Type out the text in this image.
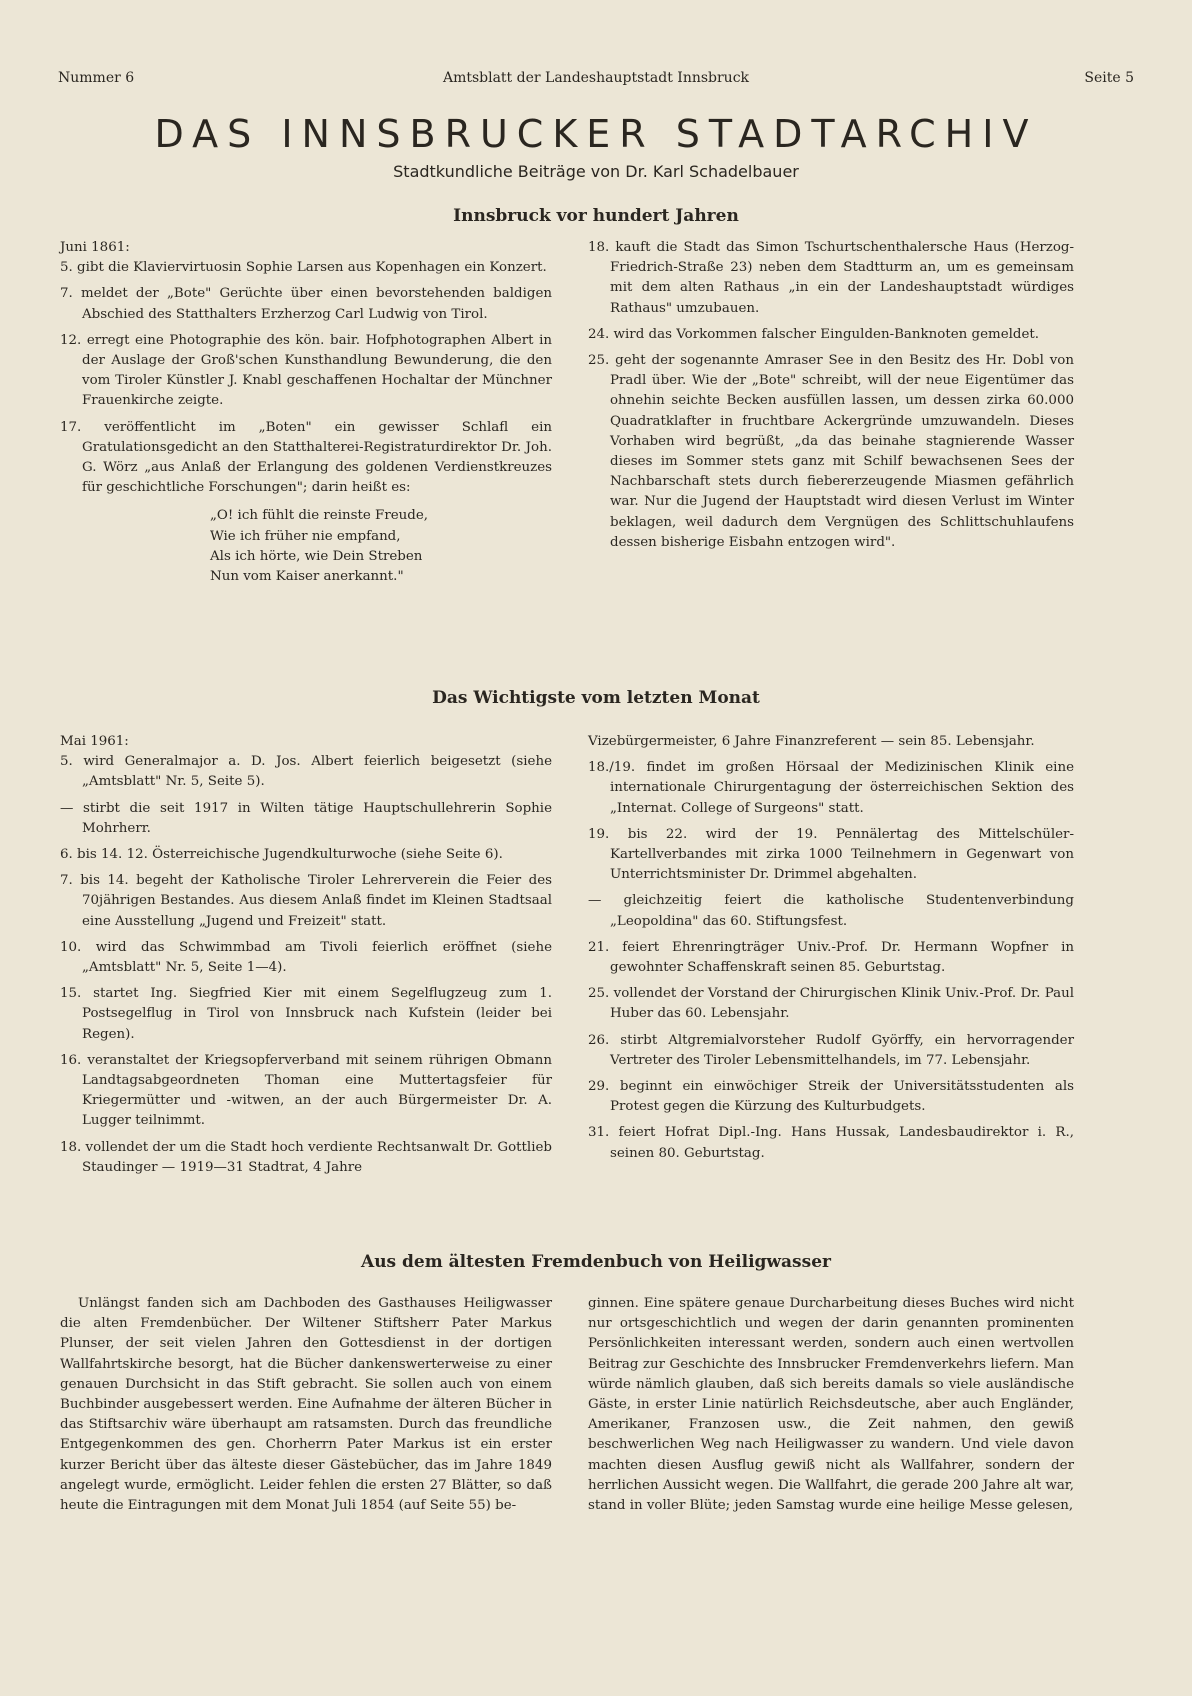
Nummer 6	Amtsblatt der Landeshauptstadt Innsbruck	Seite 5
DAS INNSBRUCKER STADTARCHIV
Stadtkundliche Beiträge von Dr. Karl Schadelbauer
Innsbruck vor hundert Jahren
Juni 1861:
5. gibt die Klaviervirtuosin Sophie Larsen aus Kopenhagen ein Konzert.
7. meldet der „Bote" Gerüchte über einen bevorstehenden baldigen Abschied des Statthalters Erzherzog Carl Ludwig von Tirol.
12. erregt eine Photographie des kön. bair. Hofphotographen Albert in der Auslage der Groß'schen Kunsthandlung Bewunderung, die den vom Tiroler Künstler J. Knabl geschaffenen Hochaltar der Münchner Frauenkirche zeigte.
17. veröffentlicht im „Boten" ein gewisser Schlafl ein Gratulationsgedicht an den Statthalterei-Registraturdirektor Dr. Joh. G. Wörz „aus Anlaß der Erlangung des goldenen Verdienstkreuzes für geschichtliche Forschungen"; darin heißt es:
„O! ich fühlt die reinste Freude,
Wie ich früher nie empfand,
Als ich hörte, wie Dein Streben
Nun vom Kaiser anerkannt."
18. kauft die Stadt das Simon Tschurtschenthalersche Haus (Herzog-Friedrich-Straße 23) neben dem Stadtturm an, um es gemeinsam mit dem alten Rathaus „in ein der Landeshauptstadt würdiges Rathaus" umzubauen.
24. wird das Vorkommen falscher Eingulden-Banknoten gemeldet.
25. geht der sogenannte Amraser See in den Besitz des Hr. Dobl von Pradl über. Wie der „Bote" schreibt, will der neue Eigentümer das ohnehin seichte Becken ausfüllen lassen, um dessen zirka 60.000 Quadratklafter in fruchtbare Ackergründe umzuwandeln. Dieses Vorhaben wird begrüßt, „da das beinahe stagnierende Wasser dieses im Sommer stets ganz mit Schilf bewachsenen Sees der Nachbarschaft stets durch fiebererzeugende Miasmen gefährlich war. Nur die Jugend der Hauptstadt wird diesen Verlust im Winter beklagen, weil dadurch dem Vergnügen des Schlittschuhlaufens dessen bisherige Eisbahn entzogen wird".
Das Wichtigste vom letzten Monat
Mai 1961:
5. wird Generalmajor a. D. Jos. Albert feierlich beigesetzt (siehe „Amtsblatt" Nr. 5, Seite 5).
— stirbt die seit 1917 in Wilten tätige Hauptschullehrerin Sophie Mohrherr.
6. bis 14. 12. Österreichische Jugendkulturwoche (siehe Seite 6).
7. bis 14. begeht der Katholische Tiroler Lehrerverein die Feier des 70jährigen Bestandes. Aus diesem Anlaß findet im Kleinen Stadtsaal eine Ausstellung „Jugend und Freizeit" statt.
10. wird das Schwimmbad am Tivoli feierlich eröffnet (siehe „Amtsblatt" Nr. 5, Seite 1—4).
15. startet Ing. Siegfried Kier mit einem Segelflugzeug zum 1. Postsegelflug in Tirol von Innsbruck nach Kufstein (leider bei Regen).
16. veranstaltet der Kriegsopferverband mit seinem rührigen Obmann Landtagsabgeordneten Thoman eine Muttertagsfeier für Kriegermütter und -witwen, an der auch Bürgermeister Dr. A. Lugger teilnimmt.
18. vollendet der um die Stadt hoch verdiente Rechtsanwalt Dr. Gottlieb Staudinger — 1919—31 Stadtrat, 4 Jahre
Vizebürgermeister, 6 Jahre Finanzreferent — sein 85. Lebensjahr.
18./19. findet im großen Hörsaal der Medizinischen Klinik eine internationale Chirurgentagung der österreichischen Sektion des „Internat. College of Surgeons" statt.
19. bis 22. wird der 19. Pennälertag des Mittelschüler-Kartellverbandes mit zirka 1000 Teilnehmern in Gegenwart von Unterrichtsminister Dr. Drimmel abgehalten.
— gleichzeitig feiert die katholische Studentenverbindung „Leopoldina" das 60. Stiftungsfest.
21. feiert Ehrenringträger Univ.-Prof. Dr. Hermann Wopfner in gewohnter Schaffenskraft seinen 85. Geburtstag.
25. vollendet der Vorstand der Chirurgischen Klinik Univ.-Prof. Dr. Paul Huber das 60. Lebensjahr.
26. stirbt Altgremialvorsteher Rudolf Györffy, ein hervorragender Vertreter des Tiroler Lebensmittelhandels, im 77. Lebensjahr.
29. beginnt ein einwöchiger Streik der Universitätsstudenten als Protest gegen die Kürzung des Kulturbudgets.
31. feiert Hofrat Dipl.-Ing. Hans Hussak, Landesbaudirektor i. R., seinen 80. Geburtstag.
Aus dem ältesten Fremdenbuch von Heiligwasser

Unlängst fanden sich am Dachboden des Gasthauses Heiligwasser die alten Fremdenbücher. Der Wiltener Stiftsherr Pater Markus Plunser, der seit vielen Jahren den Gottesdienst in der dortigen Wallfahrtskirche besorgt, hat die Bücher dankenswerterweise zu einer genauen Durchsicht in das Stift gebracht. Sie sollen auch von einem Buchbinder ausgebessert werden. Eine Aufnahme der älteren Bücher in das Stiftsarchiv wäre überhaupt am ratsamsten. Durch das freundliche Entgegenkommen des gen. Chorherrn Pater Markus ist ein erster kurzer Bericht über das älteste dieser Gästebücher, das im Jahre 1849 angelegt wurde, ermöglicht. Leider fehlen die ersten 27 Blätter, so daß heute die Eintragungen mit dem Monat Juli 1854 (auf Seite 55) be-

ginnen. Eine spätere genaue Durcharbeitung dieses Buches wird nicht nur ortsgeschichtlich und wegen der darin genannten prominenten Persönlichkeiten interessant werden, sondern auch einen wertvollen Beitrag zur Geschichte des Innsbrucker Fremdenverkehrs liefern. Man würde nämlich glauben, daß sich bereits damals so viele ausländische Gäste, in erster Linie natürlich Reichsdeutsche, aber auch Engländer, Amerikaner, Franzosen usw., die Zeit nahmen, den gewiß beschwerlichen Weg nach Heiligwasser zu wandern. Und viele davon machten diesen Ausflug gewiß nicht als Wallfahrer, sondern der herrlichen Aussicht wegen. Die Wallfahrt, die gerade 200 Jahre alt war, stand in voller Blüte; jeden Samstag wurde eine heilige Messe gelesen,
